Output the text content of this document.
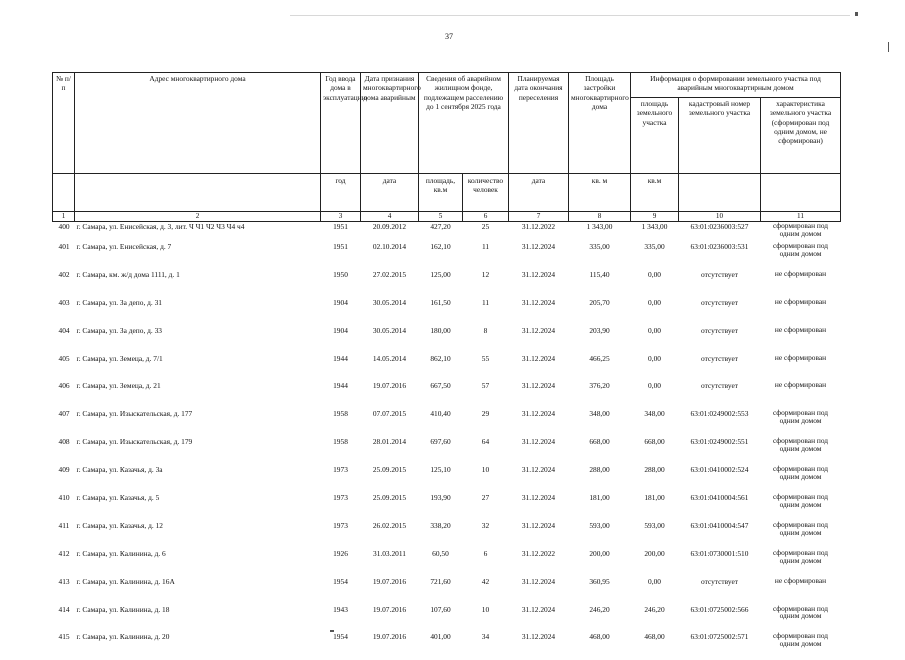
37
№ п/п	Адрес многоквартирного дома	Год ввода дома в эксплуатацию	Дата признания многоквартирного дома аварийным	Сведения об аварийном жилищном фонде, подлежащем расселению до 1 сентября 2025 года		Планируемая дата окончания переселения	Площадь застройки многоквартирного дома	Информация о формировании земельного участка под аварийным многоквартирным домом		
								площадь земельного участка	кадастровый номер земельного участка	характеристика земельного участка (сформирован под одним домом, не сформирован)
		год	дата	площадь, кв.м	количество человек	дата	кв. м	кв.м		
1	2	3	4	5	6	7	8	9	10	11
400	г. Самара, ул. Енисейская, д. 3, лит. Ч Ч1 Ч2 Ч3 Ч4 ч4	1951	20.09.2012	427,20	25	31.12.2022	1 343,00	1 343,00	63:01:0236003:527	сформирован под одним домом
401	г. Самара, ул. Енисейская, д. 7	1951	02.10.2014	162,10	11	31.12.2024	335,00	335,00	63:01:0236003:531	сформирован под одним домом
402	г. Самара, км. ж/д дома 1111, д. 1	1950	27.02.2015	125,00	12	31.12.2024	115,40	0,00	отсутствует	не сформирован
403	г. Самара, ул. За депо, д. 31	1904	30.05.2014	161,50	11	31.12.2024	205,70	0,00	отсутствует	не сформирован
404	г. Самара, ул. За депо, д. 33	1904	30.05.2014	180,00	8	31.12.2024	203,90	0,00	отсутствует	не сформирован
405	г. Самара, ул. Земеца, д. 7/1	1944	14.05.2014	862,10	55	31.12.2024	466,25	0,00	отсутствует	не сформирован
406	г. Самара, ул. Земеца, д. 21	1944	19.07.2016	667,50	57	31.12.2024	376,20	0,00	отсутствует	не сформирован
407	г. Самара, ул. Изыскательская, д. 177	1958	07.07.2015	410,40	29	31.12.2024	348,00	348,00	63:01:0249002:553	сформирован под одним домом
408	г. Самара, ул. Изыскательская, д. 179	1958	28.01.2014	697,60	64	31.12.2024	668,00	668,00	63:01:0249002:551	сформирован под одним домом
409	г. Самара, ул. Казачья, д. 3а	1973	25.09.2015	125,10	10	31.12.2024	288,00	288,00	63:01:0410002:524	сформирован под одним домом
410	г. Самара, ул. Казачья, д. 5	1973	25.09.2015	193,90	27	31.12.2024	181,00	181,00	63:01:0410004:561	сформирован под одним домом
411	г. Самара, ул. Казачья, д. 12	1973	26.02.2015	338,20	32	31.12.2024	593,00	593,00	63:01:0410004:547	сформирован под одним домом
412	г. Самара, ул. Калинина, д. 6	1926	31.03.2011	60,50	6	31.12.2022	200,00	200,00	63:01:0730001:510	сформирован под одним домом
413	г. Самара, ул. Калинина, д. 16А	1954	19.07.2016	721,60	42	31.12.2024	360,95	0,00	отсутствует	не сформирован
414	г. Самара, ул. Калинина, д. 18	1943	19.07.2016	107,60	10	31.12.2024	246,20	246,20	63:01:0725002:566	сформирован под одним домом
415	г. Самара, ул. Калинина, д. 20	1954	19.07.2016	401,00	34	31.12.2024	468,00	468,00	63:01:0725002:571	сформирован под одним домом
